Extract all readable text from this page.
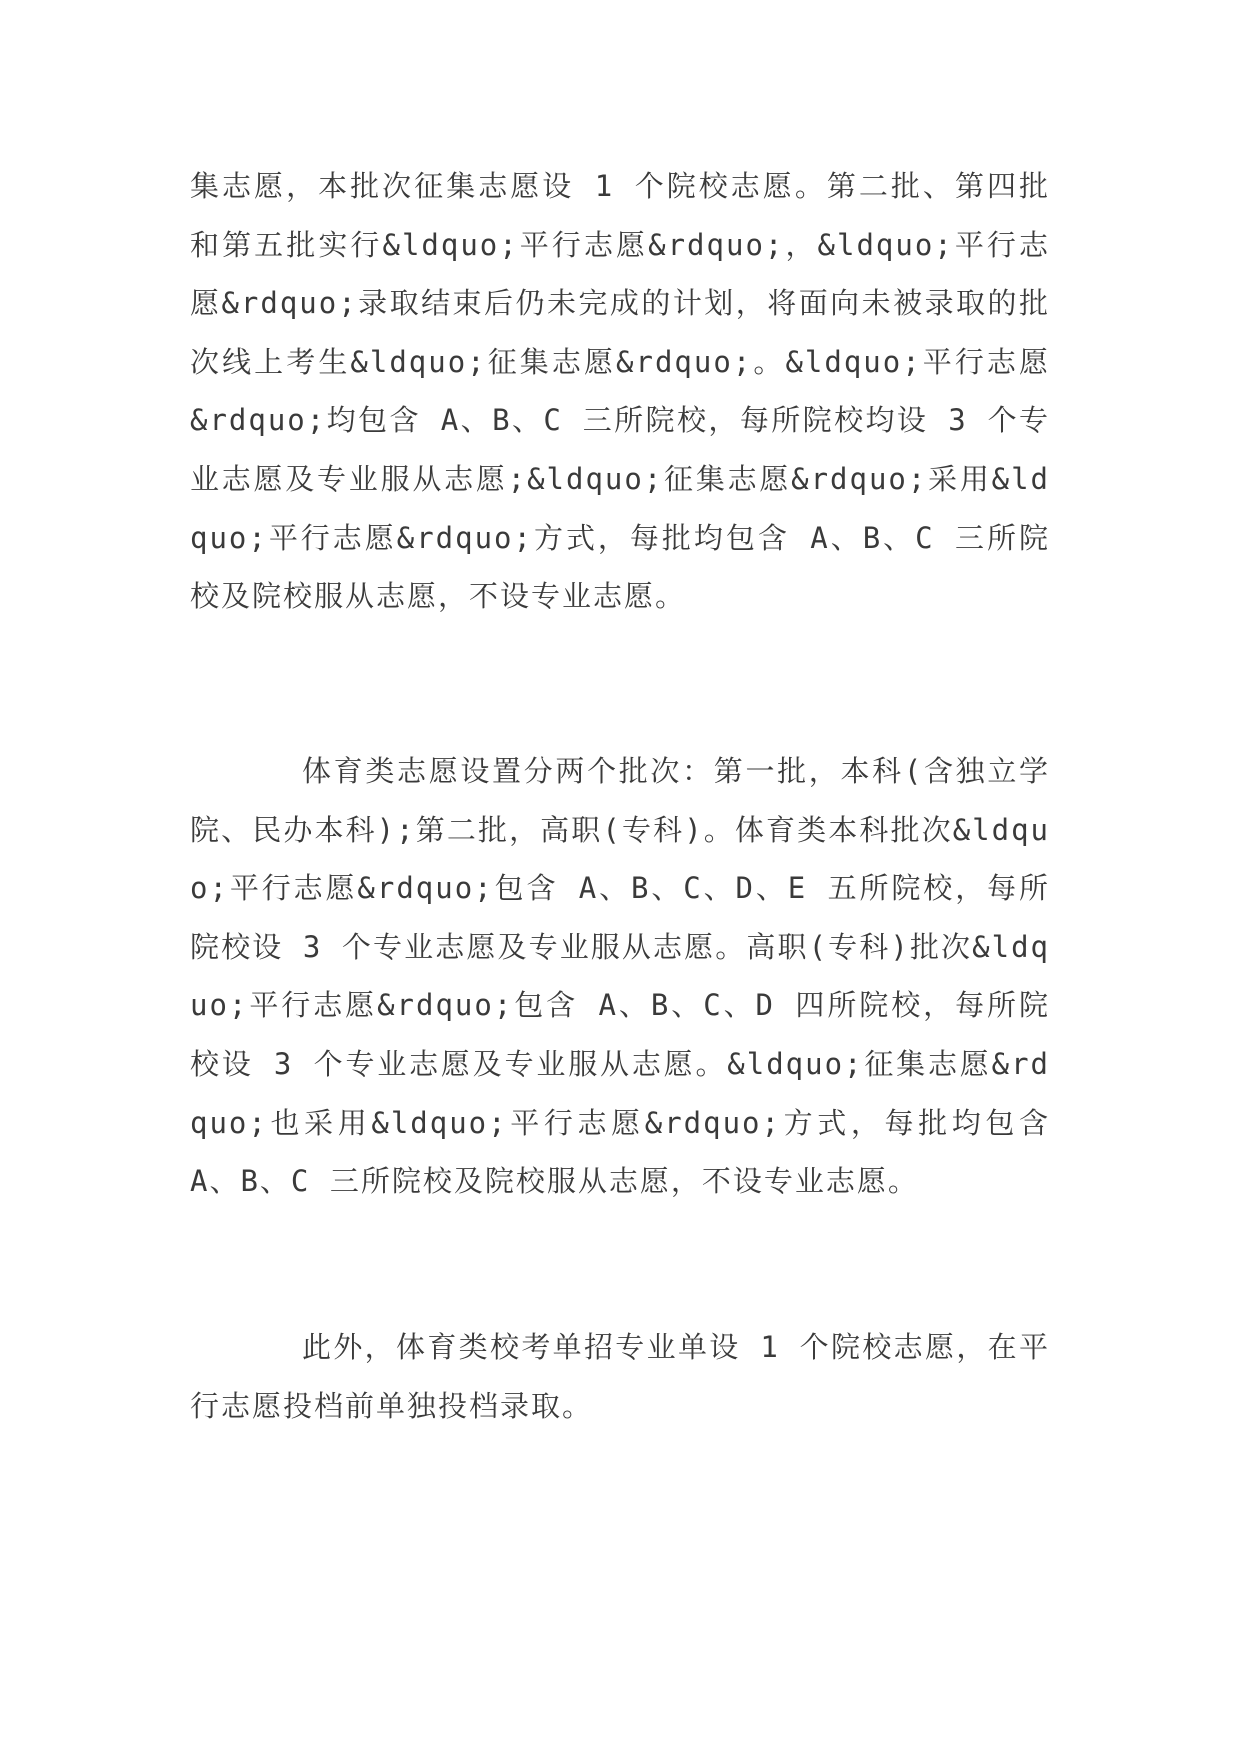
集志愿，本批次征集志愿设 1 个院校志愿。第二批、第四批和第五批实行&ldquo;平行志愿&rdquo;，&ldquo;平行志愿&rdquo;录取结束后仍未完成的计划，将面向未被录取的批次线上考生&ldquo;征集志愿&rdquo;。&ldquo;平行志愿&rdquo;均包含 A、B、C 三所院校，每所院校均设 3 个专业志愿及专业服从志愿;&ldquo;征集志愿&rdquo;采用&ldquo;平行志愿&rdquo;方式，每批均包含 A、B、C 三所院校及院校服从志愿，不设专业志愿。

体育类志愿设置分两个批次：第一批，本科(含独立学院、民办本科);第二批，高职(专科)。体育类本科批次&ldquo;平行志愿&rdquo;包含 A、B、C、D、E 五所院校，每所院校设 3 个专业志愿及专业服从志愿。高职(专科)批次&ldquo;平行志愿&rdquo;包含 A、B、C、D 四所院校，每所院校设 3 个专业志愿及专业服从志愿。&ldquo;征集志愿&rdquo;也采用&ldquo;平行志愿&rdquo;方式，每批均包含 A、B、C 三所院校及院校服从志愿，不设专业志愿。

此外，体育类校考单招专业单设 1 个院校志愿，在平行志愿投档前单独投档录取。
